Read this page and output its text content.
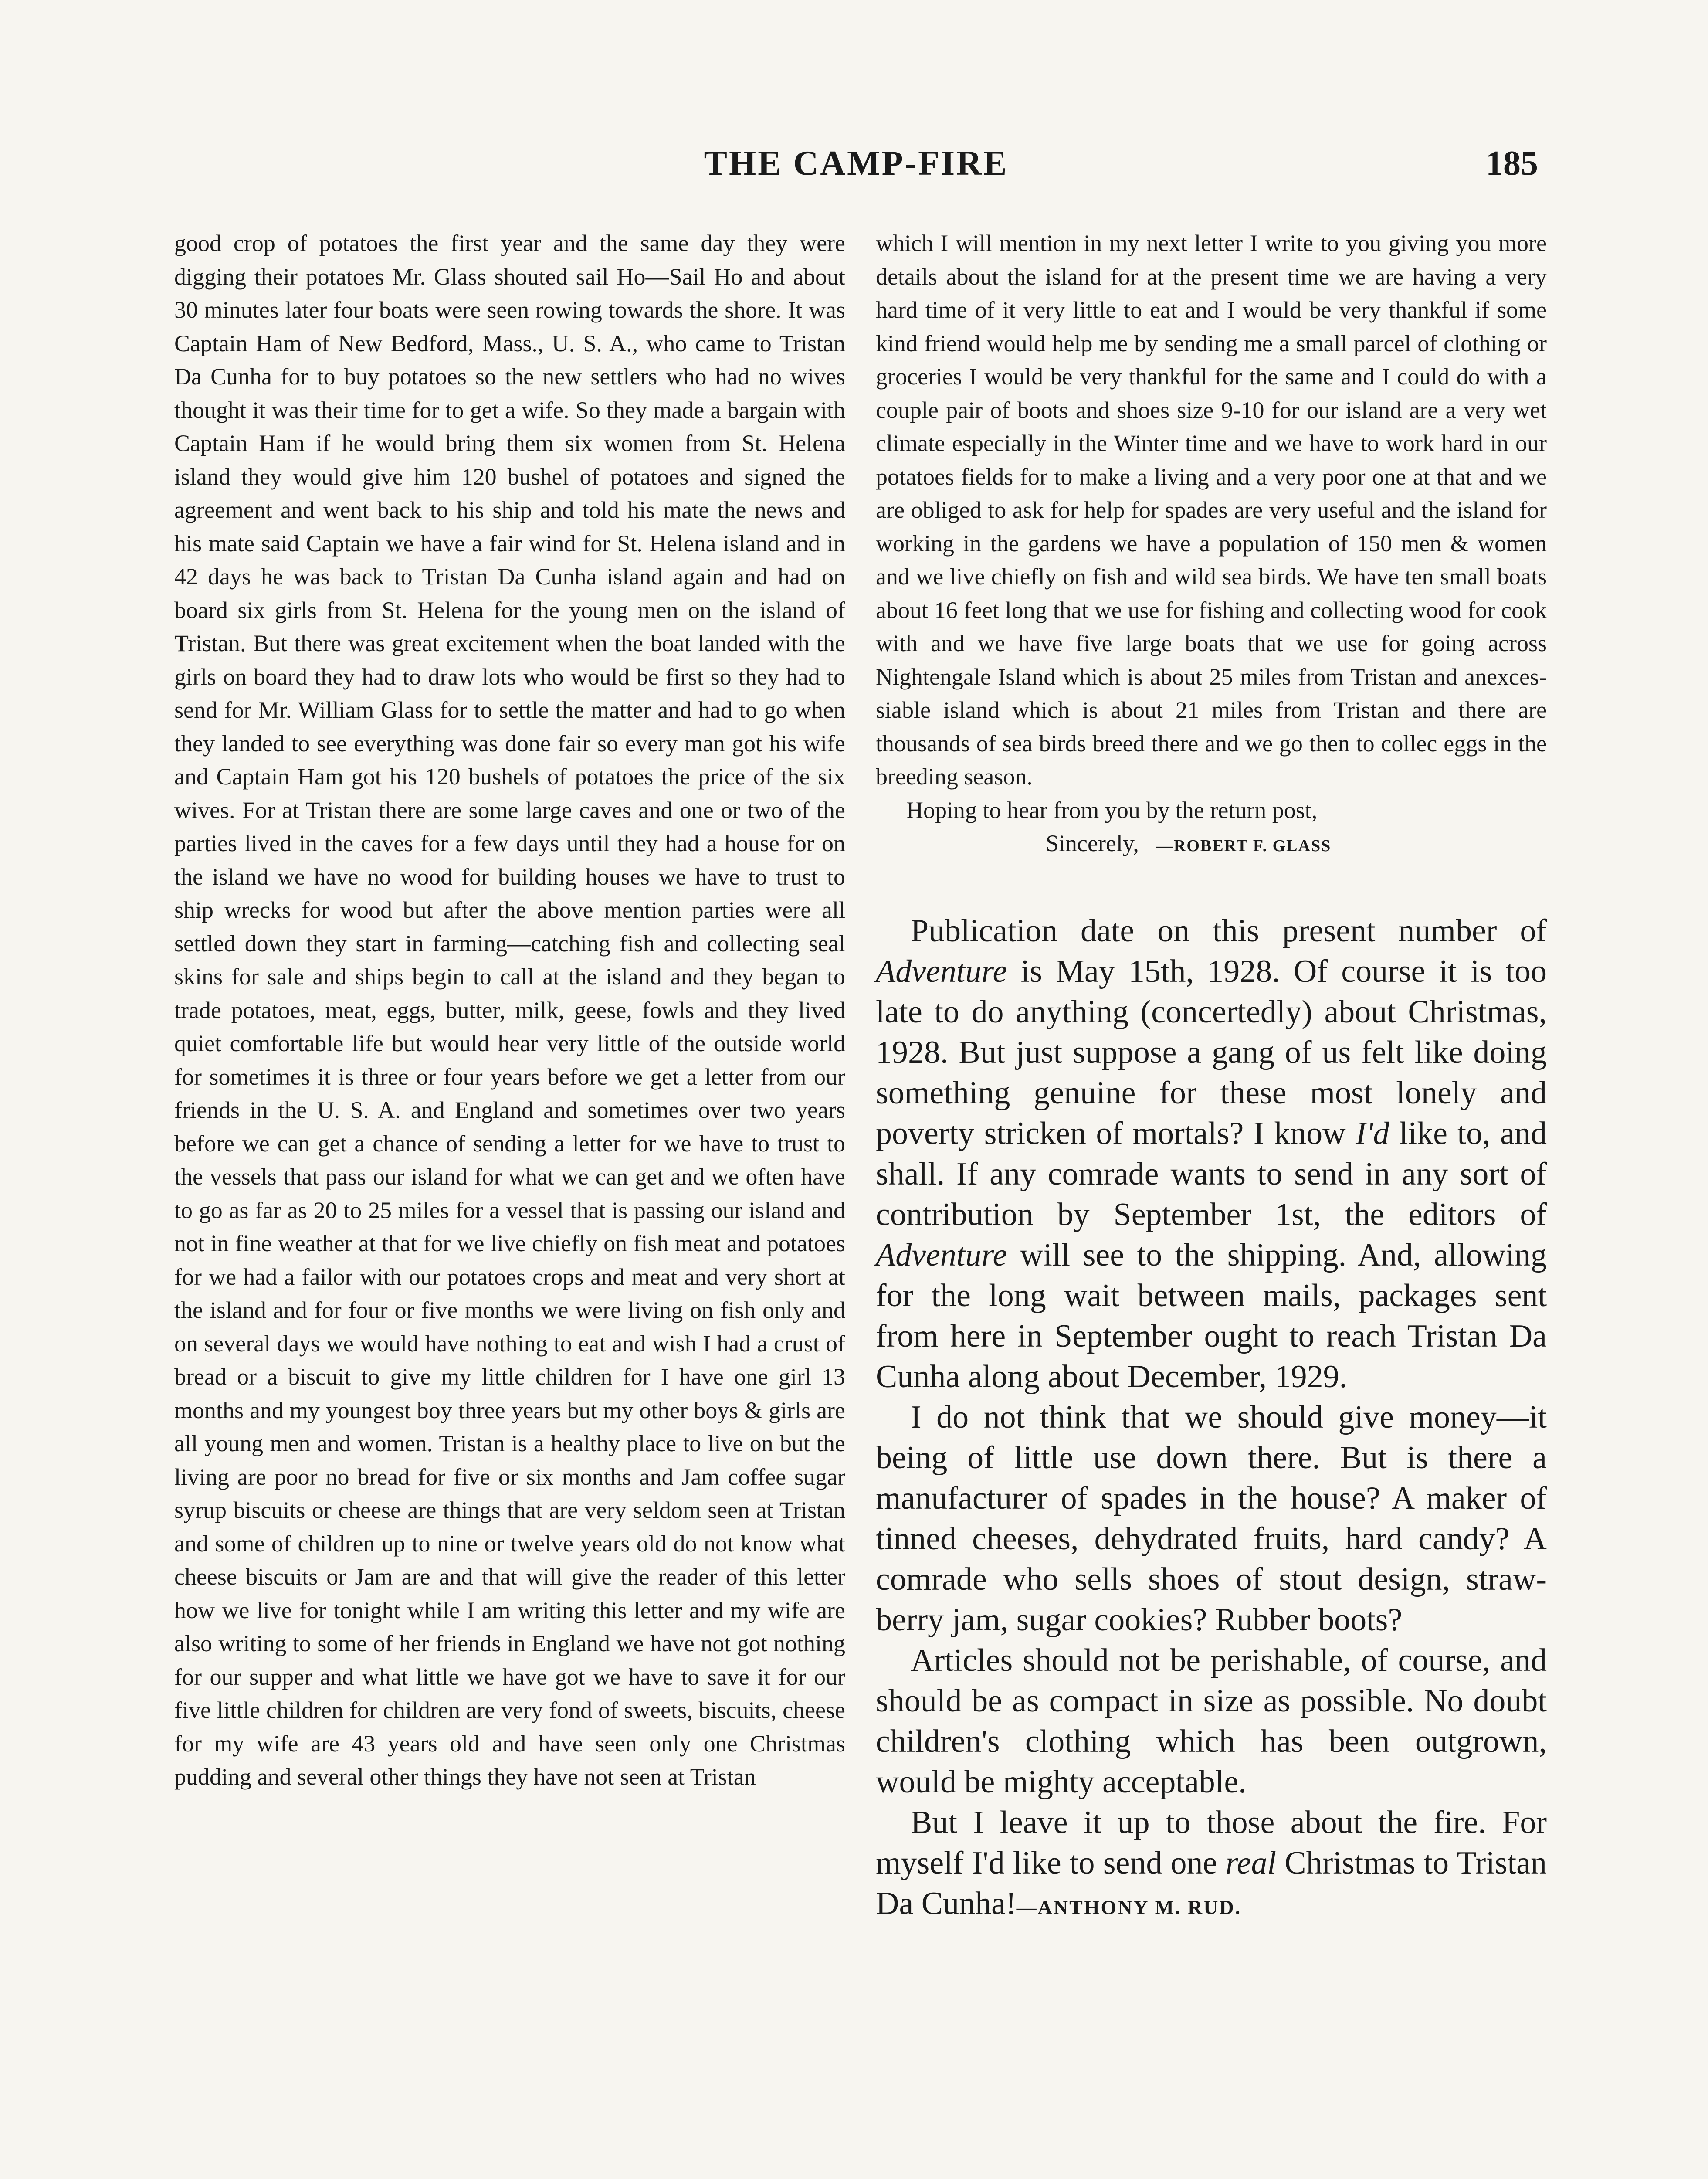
THE CAMP-FIRE	185

good crop of potatoes the first year and the same day they were digging their potatoes Mr. Glass shouted sail Ho—Sail Ho and about 30 minutes later four boats were seen rowing towards the shore. It was Captain Ham of New Bedford, Mass., U. S. A., who came to Tristan Da Cunha for to buy potatoes so the new settlers who had no wives thought it was their time for to get a wife. So they made a bargain with Captain Ham if he would bring them six women from St. Helena island they would give him 120 bushel of potatoes and signed the agreement and went back to his ship and told his mate the news and his mate said Captain we have a fair wind for St. Helena island and in 42 days he was back to Tristan Da Cunha island again and had on board six girls from St. Helena for the young men on the island of Tristan. But there was great excitement when the boat landed with the girls on board they had to draw lots who would be first so they had to send for Mr. William Glass for to settle the matter and had to go when they landed to see everything was done fair so every man got his wife and Captain Ham got his 120 bushels of potatoes the price of the six wives. For at Tristan there are some large caves and one or two of the parties lived in the caves for a few days until they had a house for on the island we have no wood for building houses we have to trust to ship wrecks for wood but after the above mention parties were all settled down they start in farming—catching fish and collecting seal skins for sale and ships begin to call at the island and they began to trade potatoes, meat, eggs, butter, milk, geese, fowls and they lived quiet comfortable life but would hear very little of the outside world for sometimes it is three or four years before we get a letter from our friends in the U. S. A. and England and sometimes over two years before we can get a chance of sending a letter for we have to trust to the vessels that pass our island for what we can get and we often have to go as far as 20 to 25 miles for a vessel that is passing our island and not in fine weather at that for we live chiefly on fish meat and potatoes for we had a failor with our potatoes crops and meat and very short at the island and for four or five months we were living on fish only and on several days we would have nothing to eat and wish I had a crust of bread or a biscuit to give my little children for I have one girl 13 months and my youngest boy three years but my other boys & girls are all young men and women. Tristan is a healthy place to live on but the living are poor no bread for five or six months and Jam coffee sugar syrup biscuits or cheese are things that are very seldom seen at Tristan and some of children up to nine or twelve years old do not know what cheese biscuits or Jam are and that will give the reader of this letter how we live for tonight while I am writing this letter and my wife are also writing to some of her friends in England we have not got nothing for our supper and what little we have got we have to save it for our five little children for children are very fond of sweets, biscuits, cheese for my wife are 43 years old and have seen only one Christmas pudding and several other things they have not seen at Tristan

which I will mention in my next letter I write to you giving you more details about the island for at the present time we are having a very hard time of it very little to eat and I would be very thankful if some kind friend would help me by sending me a small parcel of clothing or groceries I would be very thankful for the same and I could do with a couple pair of boots and shoes size 9-10 for our island are a very wet climate especially in the Winter time and we have to work hard in our potatoes fields for to make a living and a very poor one at that and we are obliged to ask for help for spades are very useful and the island for working in the gardens we have a population of 150 men & women and we live chiefly on fish and wild sea birds. We have ten small boats about 16 feet long that we use for fishing and collecting wood for cook with and we have five large boats that we use for going across Nightengale Island which is about 25 miles from Tristan and anexcessiable island which is about 21 miles from Tristan and there are thousands of sea birds breed there and we go then to collec eggs in the breeding season.

Hoping to hear from you by the return post,

Sincerely, —ROBERT F. GLASS

Publication date on this present number of Adventure is May 15th, 1928. Of course it is too late to do anything (concertedly) about Christmas, 1928. But just suppose a gang of us felt like doing something genuine for these most lonely and poverty stricken of mortals? I know I'd like to, and shall. If any comrade wants to send in any sort of contribution by September 1st, the editors of Adventure will see to the shipping. And, allowing for the long wait between mails, packages sent from here in September ought to reach Tristan Da Cunha along about December, 1929.

I do not think that we should give money—it being of little use down there. But is there a manufacturer of spades in the house? A maker of tinned cheeses, dehydrated fruits, hard candy? A comrade who sells shoes of stout design, strawberry jam, sugar cookies? Rubber boots?

Articles should not be perishable, of course, and should be as compact in size as possible. No doubt children's clothing which has been outgrown, would be mighty acceptable.

But I leave it up to those about the fire. For myself I'd like to send one real Christmas to Tristan Da Cunha!—ANTHONY M. RUD.
